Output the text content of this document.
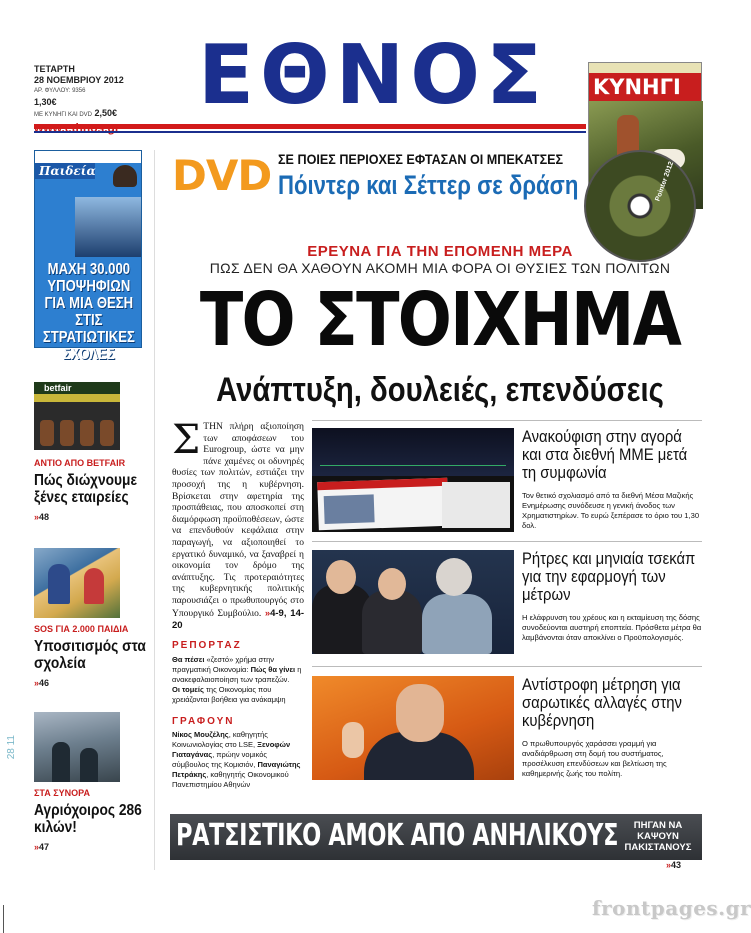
ΤΕΤΑΡΤΗ
28 ΝΟΕΜΒΡΙΟΥ 2012
ΑΡ. ΦΥΛΛΟΥ: 9356
1,30€
ΜΕ ΚΥΝΗΓΙ ΚΑΙ DVD 2,50€ ΕΘΝΟΣ	ΚΥΝΗΓΙ
DVD ΣΕ ΠΟΙΕΣ ΠΕΡΙΟΧΕΣ ΕΦΤΑΣΑΝ ΟΙ ΜΠΕΚΑΤΣΕΣ
Πόιντερ και Σέττερ σε δράση	Pointer 2012
Παιδεία
ΜΑΧΗ 30.000 ΥΠΟΨΗΦΙΩΝ ΓΙΑ ΜΙΑ ΘΕΣΗ ΣΤΙΣ ΣΤΡΑΤΙΩΤΙΚΕΣ ΣΧΟΛΕΣ
betfair
ΑΝΤΙΟ ΑΠΟ BETFAIR
Πώς διώχνουμε ξένες εταιρείες
»48
SOS ΓΙΑ 2.000 ΠΑΙΔΙΑ
Υποσιτισμός στα σχολεία
»46
ΣΤΑ ΣΥΝΟΡΑ
Αγριόχοιρος 286 κιλών!
»47
28 11
ΕΡΕΥΝΑ ΓΙΑ ΤΗΝ ΕΠΟΜΕΝΗ ΜΕΡΑ
ΠΩΣ ΔΕΝ ΘΑ ΧΑΘΟΥΝ ΑΚΟΜΗ ΜΙΑ ΦΟΡΑ ΟΙ ΘΥΣΙΕΣ ΤΩΝ ΠΟΛΙΤΩΝ
ΤΟ ΣΤΟΙΧΗΜΑ
Ανάπτυξη, δουλειές, επενδύσεις
ΣΤΗΝ πλήρη αξιοποίηση των αποφάσεων του Eurogroup, ώστε να μην πάνε χαμένες οι οδυνηρές θυσίες των πολιτών, εστιάζει την προσοχή της η κυβέρνηση. Βρίσκεται στην αφετηρία της προσπάθειας, που αποσκοπεί στη διαμόρφωση προϋποθέσεων, ώστε να επενδυθούν κεφάλαια στην παραγωγή, να αξιοποιηθεί το εργατικό δυναμικό, να ξαναβρεί η οικονομία τον δρόμο της ανάπτυξης. Τις προτεραιότητες της κυβερνητικής πολιτικής παρουσιάζει ο πρωθυπουργός στο Υπουργικό Συμβούλιο. »4-9, 14-20
ΡΕΠΟΡΤΑΖ
Θα πέσει «ζεστό» χρήμα στην πραγματική Οικονομία: Πώς θα γίνει η ανακεφαλαιοποίηση των τραπεζών.
Οι τομείς της Οικονομίας που χρειάζονται βοήθεια για ανάκαμψη
ΓΡΑΦΟΥΝ
Νίκος Μουζέλης, καθηγητής Κοινωνιολογίας στο LSE, Ξενοφών Γιαταγάνας, πρώην νομικός σύμβουλος της Κομισιόν, Παναγιώτης Πετράκης, καθηγητής Οικονομικού Πανεπιστημίου Αθηνών
Ανακούφιση στην αγορά και στα διεθνή ΜΜΕ μετά τη συμφωνία
Τον θετικό σχολιασμό από τα διεθνή Μέσα Μαζικής Ενημέρωσης συνόδευσε η γενική άνοδος των Χρηματιστηρίων. Το ευρώ ξεπέρασε το όριο του 1,30 δολ.
Ρήτρες και μηνιαία τσεκάπ για την εφαρμογή των μέτρων
Η ελάφρυνση του χρέους και η εκταμίευση της δόσης συνοδεύονται αυστηρή εποπτεία. Πρόσθετα μέτρα θα λαμβάνονται όταν αποκλίνει ο Προϋπολογισμός.
Αντίστροφη μέτρηση για σαρωτικές αλλαγές στην κυβέρνηση
Ο πρωθυπουργός χαράσσει γραμμή για αναδιάρθρωση στη δομή του συστήματος, προσέλκυση επενδύσεων και βελτίωση της καθημερινής ζωής του πολίτη.
ΡΑΤΣΙΣΤΙΚΟ ΑΜΟΚ ΑΠΟ ΑΝΗΛΙΚΟΥΣ	ΠΗΓΑΝ ΝΑ ΚΑΨΟΥΝ ΠΑΚΙΣΤΑΝΟΥΣ
»43
frontpages.gr
